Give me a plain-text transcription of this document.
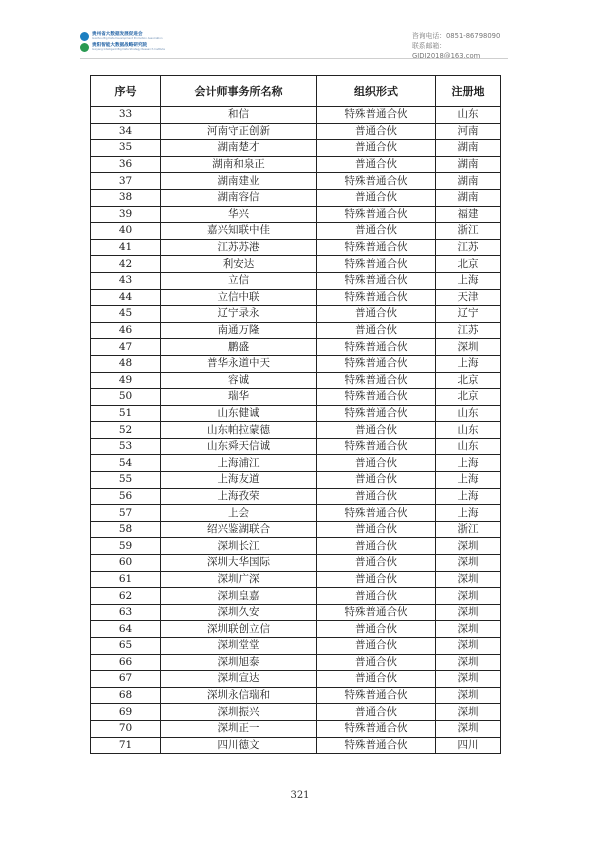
贵州省大数据发展促进会
Guizhou Big Data Development Promotion Association
贵阳智能大数据战略研究院
Guiyang Intelligent Big Data Strategy Research Institute
咨询电话：0851-86798090
联系邮箱：GIDI2018@163.com
序号	会计师事务所名称	组织形式	注册地
33	和信	特殊普通合伙	山东
34	河南守正创新	普通合伙	河南
35	湖南楚才	普通合伙	湖南
36	湖南和泉正	普通合伙	湖南
37	湖南建业	特殊普通合伙	湖南
38	湖南容信	普通合伙	湖南
39	华兴	特殊普通合伙	福建
40	嘉兴知联中佳	普通合伙	浙江
41	江苏苏港	特殊普通合伙	江苏
42	利安达	特殊普通合伙	北京
43	立信	特殊普通合伙	上海
44	立信中联	特殊普通合伙	天津
45	辽宁录永	普通合伙	辽宁
46	南通万隆	普通合伙	江苏
47	鹏盛	特殊普通合伙	深圳
48	普华永道中天	特殊普通合伙	上海
49	容诚	特殊普通合伙	北京
50	瑞华	特殊普通合伙	北京
51	山东健诚	特殊普通合伙	山东
52	山东帕拉蒙德	普通合伙	山东
53	山东舜天信诚	特殊普通合伙	山东
54	上海浦江	普通合伙	上海
55	上海友道	普通合伙	上海
56	上海孜荣	普通合伙	上海
57	上会	特殊普通合伙	上海
58	绍兴鉴湖联合	普通合伙	浙江
59	深圳长江	普通合伙	深圳
60	深圳大华国际	普通合伙	深圳
61	深圳广深	普通合伙	深圳
62	深圳皇嘉	普通合伙	深圳
63	深圳久安	特殊普通合伙	深圳
64	深圳联创立信	普通合伙	深圳
65	深圳堂堂	普通合伙	深圳
66	深圳旭泰	普通合伙	深圳
67	深圳宣达	普通合伙	深圳
68	深圳永信瑞和	特殊普通合伙	深圳
69	深圳振兴	普通合伙	深圳
70	深圳正一	特殊普通合伙	深圳
71	四川德文	特殊普通合伙	四川
321
